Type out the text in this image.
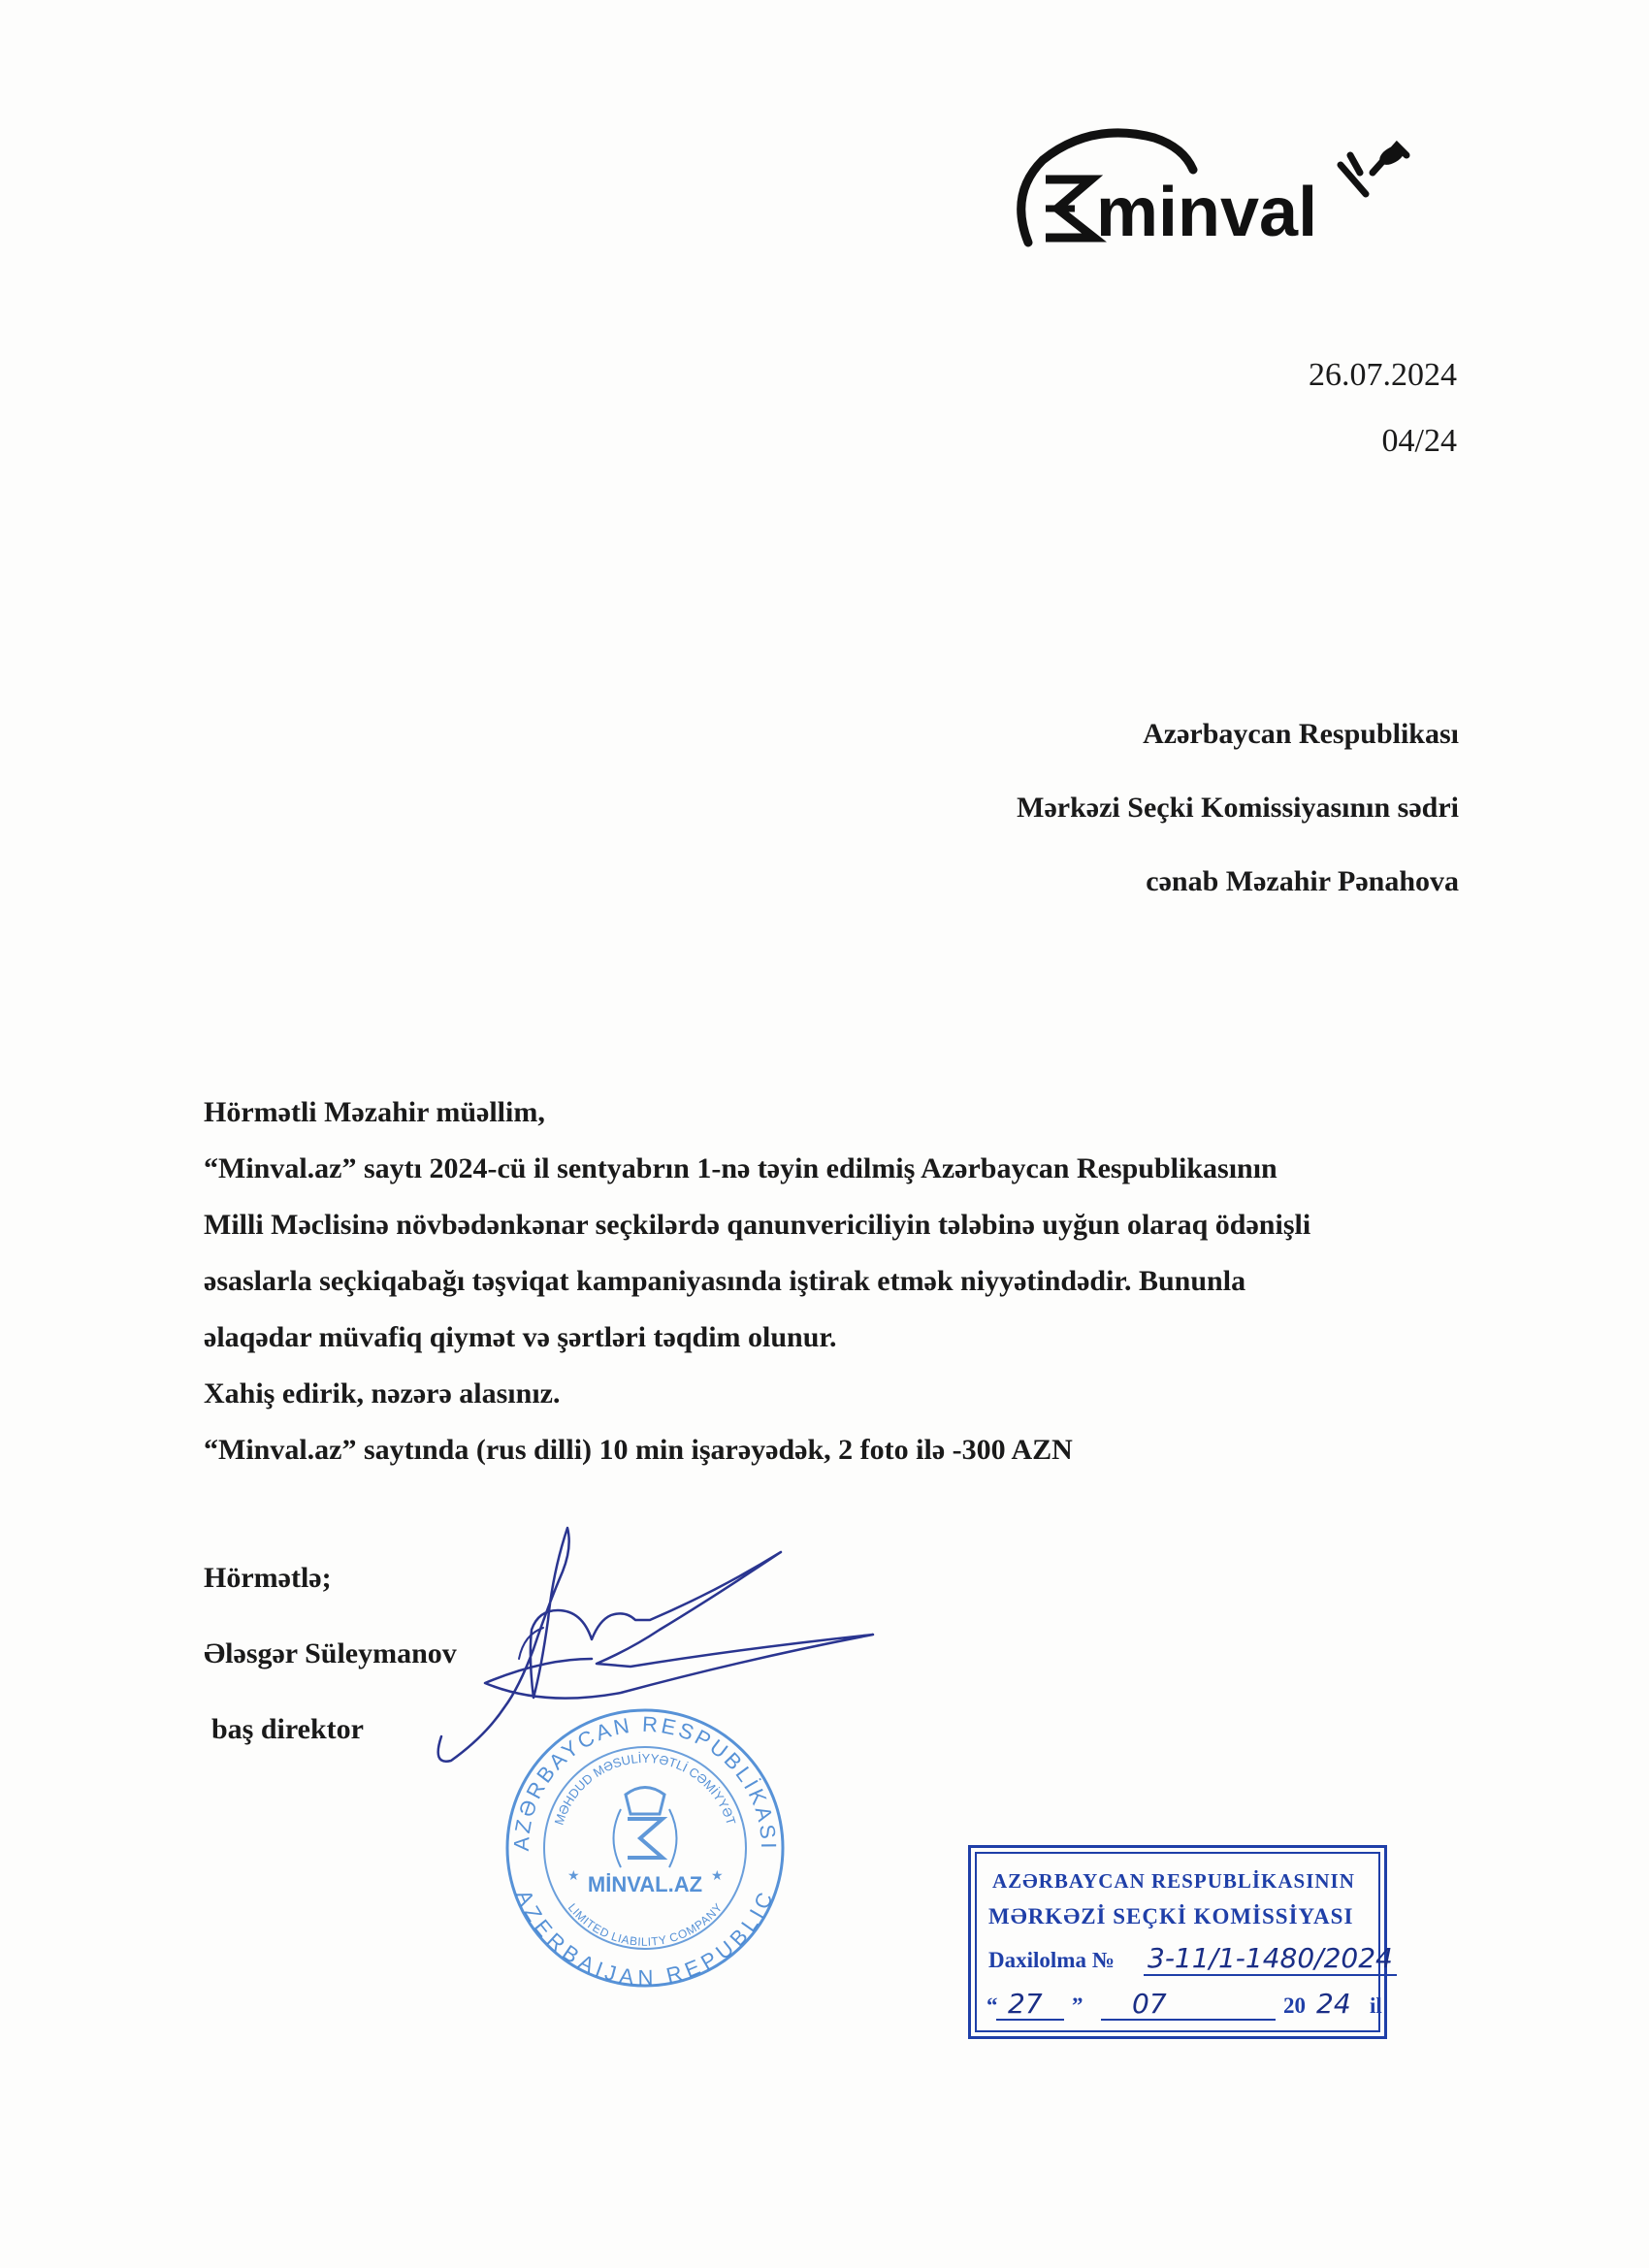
minval
26.07.2024
04/24
Azərbaycan Respublikası
Mərkəzi Seçki Komissiyasının sədri
cənab Məzahir Pənahova
Hörmətli Məzahir müəllim,
“Minval.az” saytı 2024-cü il sentyabrın 1-nə təyin edilmiş Azərbaycan Respublikasının
Milli Məclisinə növbədənkənar seçkilərdə qanunvericiliyin tələbinə uyğun olaraq ödənişli
əsaslarla seçkiqabağı təşviqat kampaniyasında iştirak etmək niyyətindədir. Bununla
əlaqədar müvafiq qiymət və şərtləri təqdim olunur.
Xahiş edirik, nəzərə alasınız.
“Minval.az” saytında (rus dilli) 10 min işarəyədək, 2 foto ilə -300 AZN
Hörmətlə;
Ələsgər Süleymanov
baş direktor
AZƏRBAYCAN RESPUBLİKASI
MƏHDUD MƏSULİYYƏTLİ CƏMİYYƏT
AZERBAIJAN REPUBLIC
LIMITED LIABILITY COMPANY
MİNVAL.AZ
★	★	AZƏRBAYCAN RESPUBLİKASININ
MƏRKƏZİ SEÇKİ KOMİSSİYASI
Daxilolma № 3-11/1-1480/2024
“ 27 ” 07	20 24 il
